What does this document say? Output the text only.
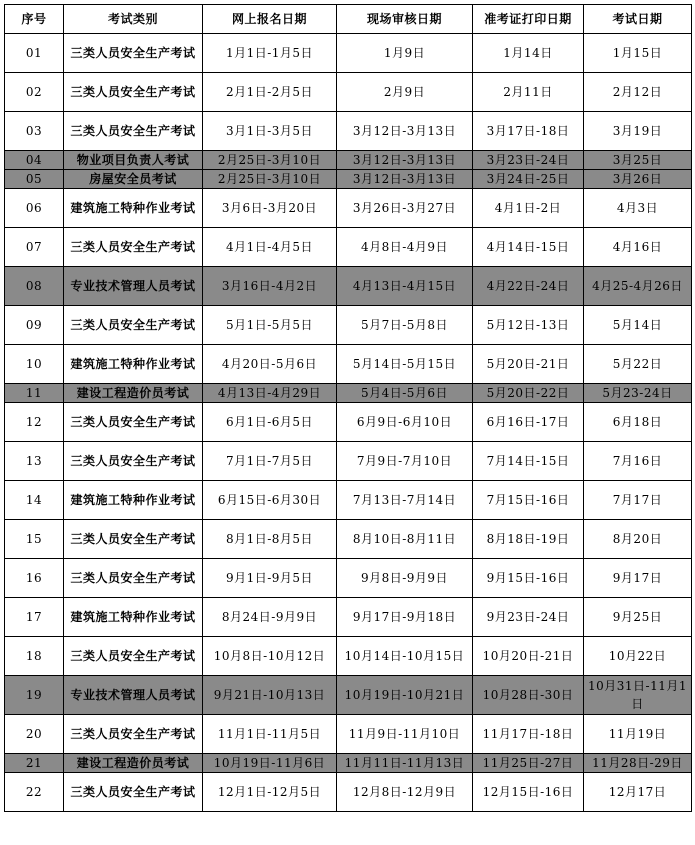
序号	考试类别	网上报名日期	现场审核日期	准考证打印日期	考试日期
01	三类人员安全生产考试	1月1日-1月5日	1月9日	1月14日	1月15日
02	三类人员安全生产考试	2月1日-2月5日	2月9日	2月11日	2月12日
03	三类人员安全生产考试	3月1日-3月5日	3月12日-3月13日	3月17日-18日	3月19日
04	物业项目负责人考试	2月25日-3月10日	3月12日-3月13日	3月23日-24日	3月25日
05	房屋安全员考试	2月25日-3月10日	3月12日-3月13日	3月24日-25日	3月26日
06	建筑施工特种作业考试	3月6日-3月20日	3月26日-3月27日	4月1日-2日	4月3日
07	三类人员安全生产考试	4月1日-4月5日	4月8日-4月9日	4月14日-15日	4月16日
08	专业技术管理人员考试	3月16日-4月2日	4月13日-4月15日	4月22日-24日	4月25-4月26日
09	三类人员安全生产考试	5月1日-5月5日	5月7日-5月8日	5月12日-13日	5月14日
10	建筑施工特种作业考试	4月20日-5月6日	5月14日-5月15日	5月20日-21日	5月22日
11	建设工程造价员考试	4月13日-4月29日	5月4日-5月6日	5月20日-22日	5月23-24日
12	三类人员安全生产考试	6月1日-6月5日	6月9日-6月10日	6月16日-17日	6月18日
13	三类人员安全生产考试	7月1日-7月5日	7月9日-7月10日	7月14日-15日	7月16日
14	建筑施工特种作业考试	6月15日-6月30日	7月13日-7月14日	7月15日-16日	7月17日
15	三类人员安全生产考试	8月1日-8月5日	8月10日-8月11日	8月18日-19日	8月20日
16	三类人员安全生产考试	9月1日-9月5日	9月8日-9月9日	9月15日-16日	9月17日
17	建筑施工特种作业考试	8月24日-9月9日	9月17日-9月18日	9月23日-24日	9月25日
18	三类人员安全生产考试	10月8日-10月12日	10月14日-10月15日	10月20日-21日	10月22日
19	专业技术管理人员考试	9月21日-10月13日	10月19日-10月21日	10月28日-30日	10月31日-11月1日
20	三类人员安全生产考试	11月1日-11月5日	11月9日-11月10日	11月17日-18日	11月19日
21	建设工程造价员考试	10月19日-11月6日	11月11日-11月13日	11月25日-27日	11月28日-29日
22	三类人员安全生产考试	12月1日-12月5日	12月8日-12月9日	12月15日-16日	12月17日
